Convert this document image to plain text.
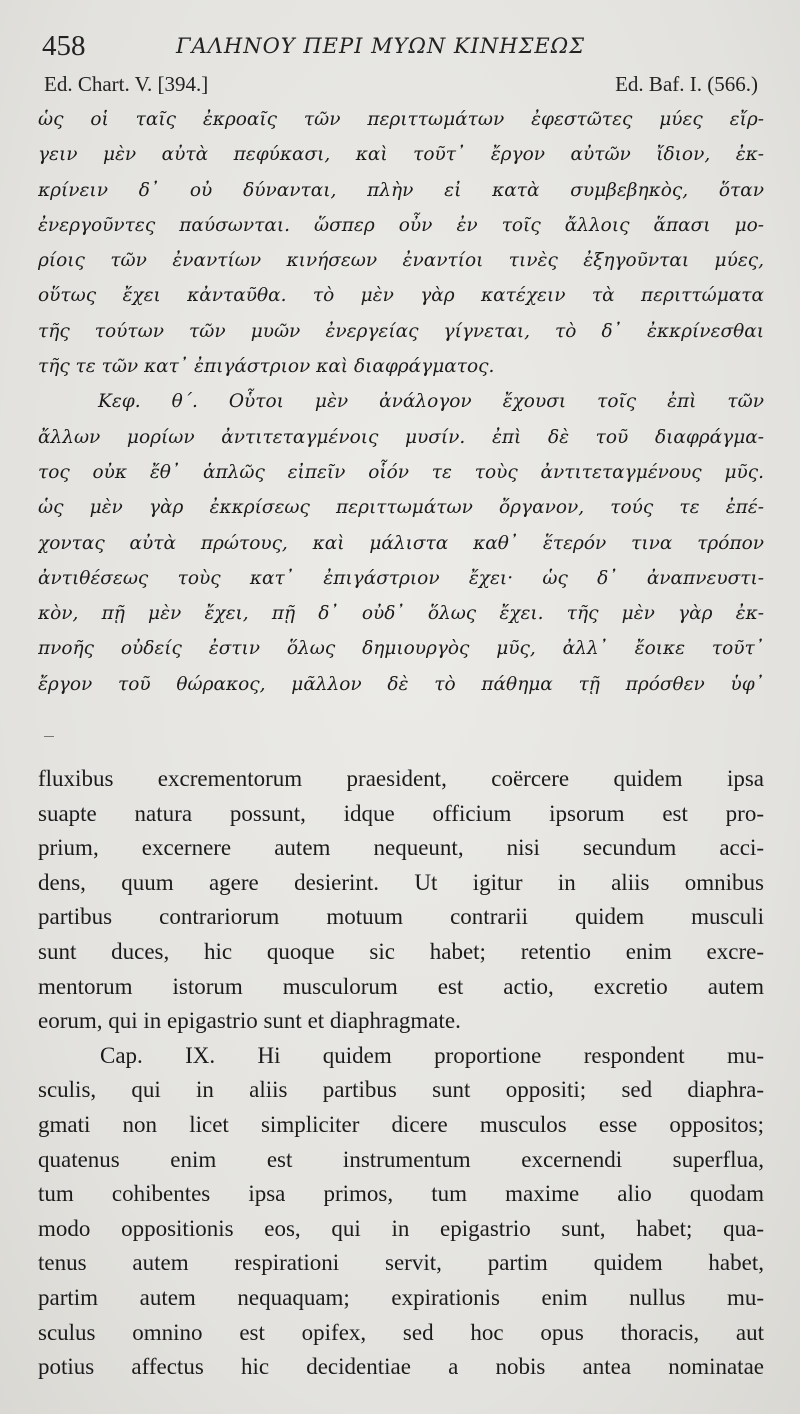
458	ΓΑΛΗΝΟΥ ΠΕΡΙ ΜΥΩΝ ΚΙΝΗΣΕΩΣ
Ed. Chart. V. [394.]	Ed. Baf. I. (566.)
ὡς οἱ ταῖς ἐκροαῖς τῶν περιττωμάτων ἐφεστῶτες μύες εἴρ-
γειν μὲν αὐτὰ πεφύκασι, καὶ τοῦτ᾽ ἔργον αὐτῶν ἴδιον, ἐκ-
κρίνειν δ᾽ οὐ δύνανται, πλὴν εἰ κατὰ συμβεβηκὸς, ὅταν
ἐνεργοῦντες παύσωνται. ὥσπερ οὖν ἐν τοῖς ἄλλοις ἅπασι μο-
ρίοις τῶν ἐναντίων κινήσεων ἐναντίοι τινὲς ἐξηγοῦνται μύες,
οὕτως ἔχει κἀνταῦθα. τὸ μὲν γὰρ κατέχειν τὰ περιττώματα
τῆς τούτων τῶν μυῶν ἐνεργείας γίγνεται, τὸ δ᾽ ἐκκρίνεσθαι
τῆς τε τῶν κατ᾽ ἐπιγάστριον καὶ διαφράγματος.
Κεφ. θ΄. Οὗτοι μὲν ἀνάλογον ἔχουσι τοῖς ἐπὶ τῶν
ἄλλων μορίων ἀντιτεταγμένοις μυσίν. ἐπὶ δὲ τοῦ διαφράγμα-
τος οὐκ ἔθ᾽ ἁπλῶς εἰπεῖν οἷόν τε τοὺς ἀντιτεταγμένους μῦς.
ὡς μὲν γὰρ ἐκκρίσεως περιττωμάτων ὄργανον, τούς τε ἐπέ-
χοντας αὐτὰ πρώτους, καὶ μάλιστα καθ᾽ ἕτερόν τινα τρόπον
ἀντιθέσεως τοὺς κατ᾽ ἐπιγάστριον ἔχει· ὡς δ᾽ ἀναπνευστι-
κὸν, πῇ μὲν ἔχει, πῇ δ᾽ οὐδ᾽ ὅλως ἔχει. τῆς μὲν γὰρ ἐκ-
πνοῆς οὐδείς ἐστιν ὅλως δημιουργὸς μῦς, ἀλλ᾽ ἔοικε τοῦτ᾽
ἔργον τοῦ θώρακος, μᾶλλον δὲ τὸ πάθημα τῇ πρόσθεν ὑφ᾽
fluxibus excrementorum praesident, coërcere quidem ipsa
suapte natura possunt, idque officium ipsorum est pro-
prium, excernere autem nequeunt, nisi secundum acci-
dens, quum agere desierint. Ut igitur in aliis omnibus
partibus contrariorum motuum contrarii quidem musculi
sunt duces, hic quoque sic habet; retentio enim excre-
mentorum istorum musculorum est actio, excretio autem
eorum, qui in epigastrio sunt et diaphragmate.
Cap. IX. Hi quidem proportione respondent mu-
sculis, qui in aliis partibus sunt oppositi; sed diaphra-
gmati non licet simpliciter dicere musculos esse oppositos;
quatenus enim est instrumentum excernendi superflua,
tum cohibentes ipsa primos, tum maxime alio quodam
modo oppositionis eos, qui in epigastrio sunt, habet; qua-
tenus autem respirationi servit, partim quidem habet,
partim autem nequaquam; expirationis enim nullus mu-
sculus omnino est opifex, sed hoc opus thoracis, aut
potius affectus hic decidentiae a nobis antea nominatae
